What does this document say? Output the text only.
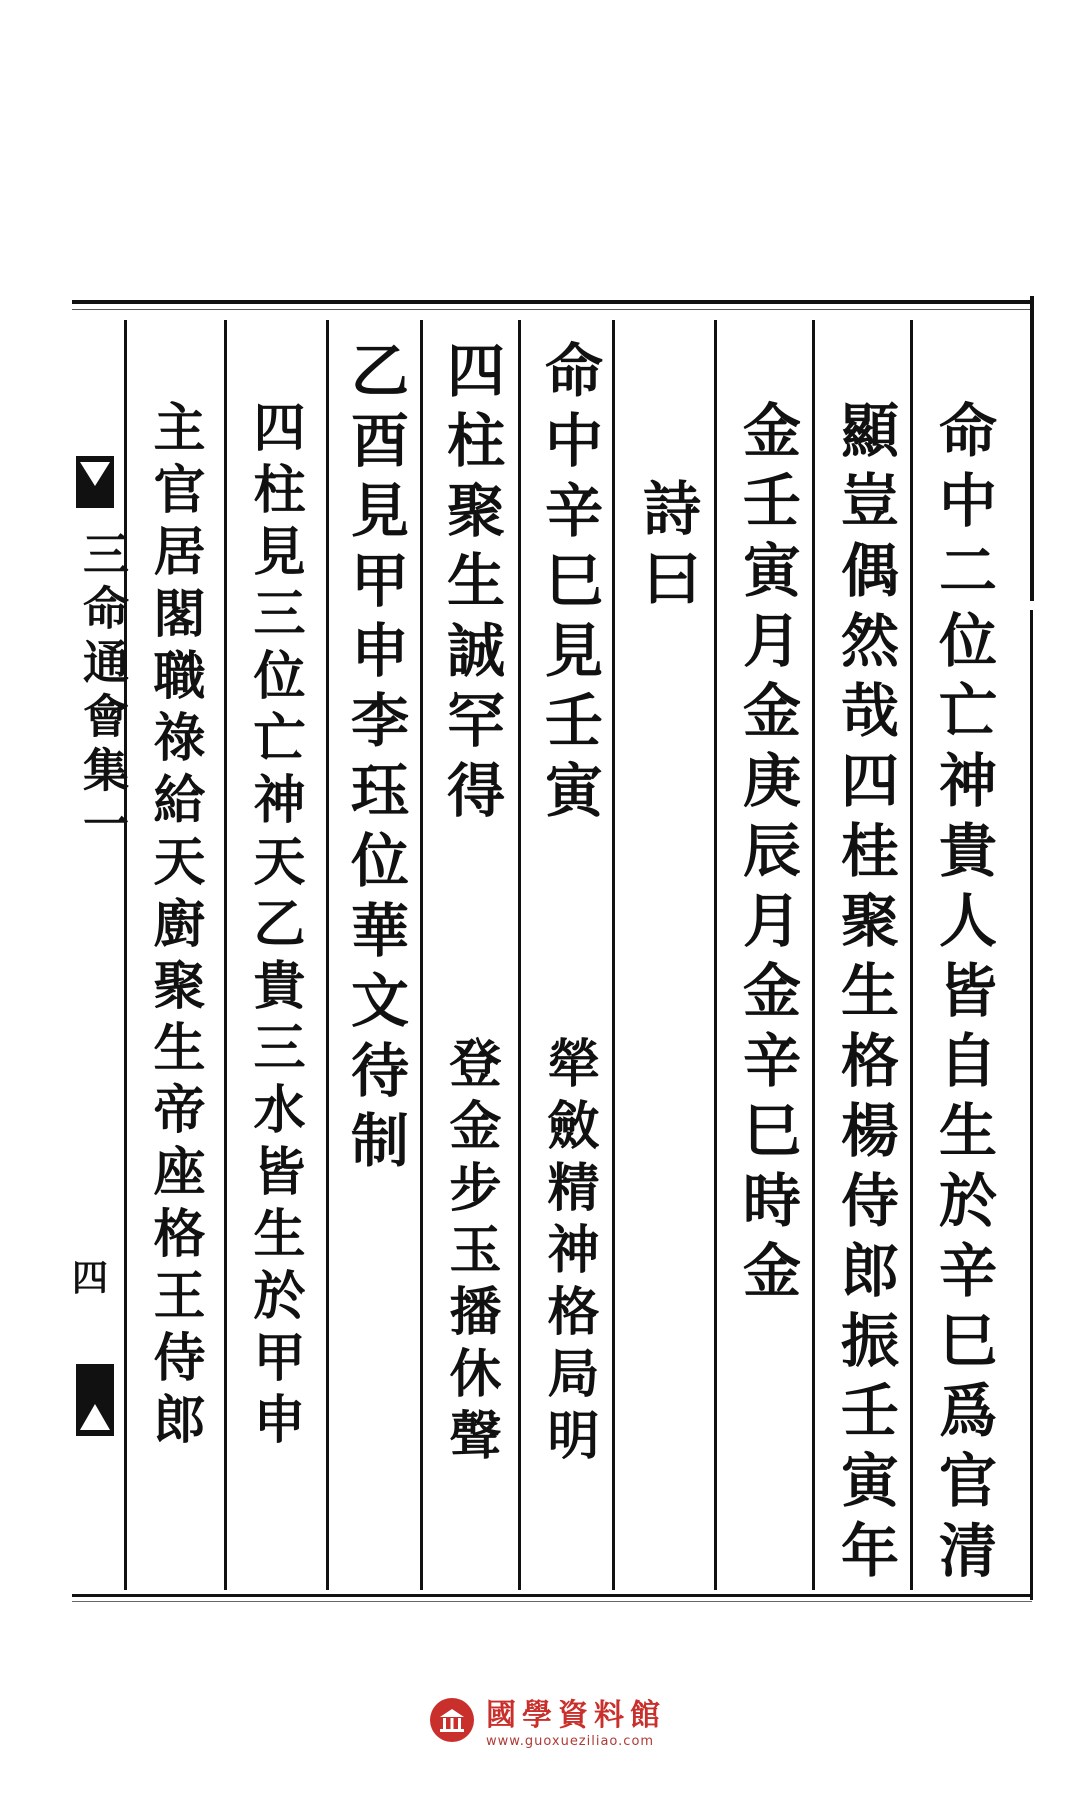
命中二位亡神貴人皆自生於辛巳爲官清
顯豈偶然哉四桂聚生格楊侍郎振壬寅年
金壬寅月金庚辰月金辛巳時金
詩曰
命中辛巳見壬寅
犖斂精神格局明
四柱聚生誠罕得
登金步玉播休聲
乙酉見甲申李珏位華文待制
四柱見三位亡神天乙貴三水皆生於甲申
主官居閣職祿給天廚聚生帝座格王侍郎
三命通會集一
四
國學資料館
www.guoxueziliao.com
